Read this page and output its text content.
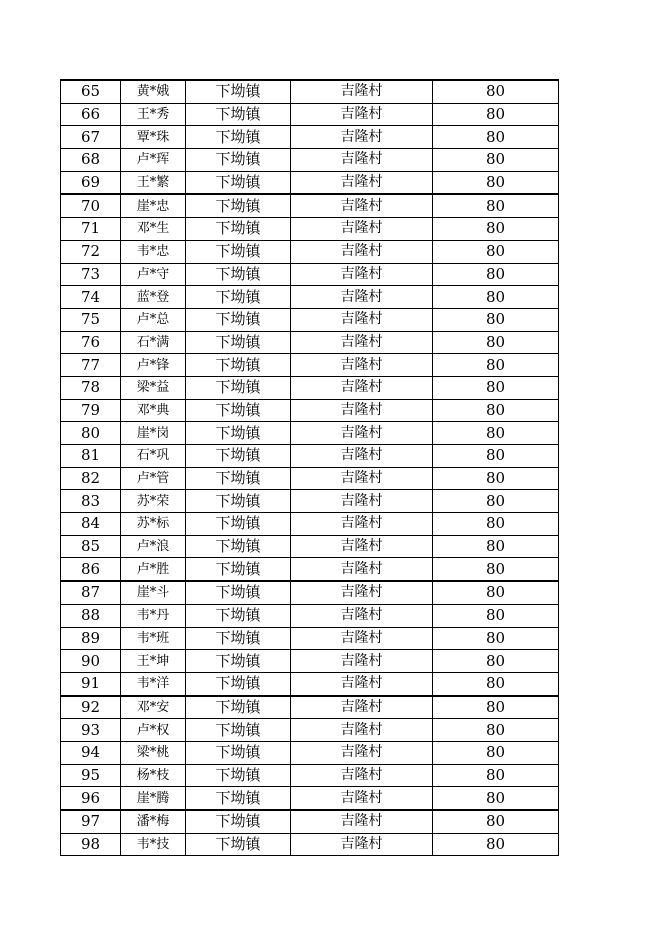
65	黄*娥	下坳镇	吉隆村	80
66	王*秀	下坳镇	吉隆村	80
67	覃*珠	下坳镇	吉隆村	80
68	卢*珲	下坳镇	吉隆村	80
69	王*繁	下坳镇	吉隆村	80
70	崖*忠	下坳镇	吉隆村	80
71	邓*生	下坳镇	吉隆村	80
72	韦*忠	下坳镇	吉隆村	80
73	卢*守	下坳镇	吉隆村	80
74	蓝*登	下坳镇	吉隆村	80
75	卢*总	下坳镇	吉隆村	80
76	石*满	下坳镇	吉隆村	80
77	卢*锋	下坳镇	吉隆村	80
78	梁*益	下坳镇	吉隆村	80
79	邓*典	下坳镇	吉隆村	80
80	崖*岗	下坳镇	吉隆村	80
81	石*巩	下坳镇	吉隆村	80
82	卢*管	下坳镇	吉隆村	80
83	苏*荣	下坳镇	吉隆村	80
84	苏*标	下坳镇	吉隆村	80
85	卢*浪	下坳镇	吉隆村	80
86	卢*胜	下坳镇	吉隆村	80
87	崖*斗	下坳镇	吉隆村	80
88	韦*丹	下坳镇	吉隆村	80
89	韦*班	下坳镇	吉隆村	80
90	王*坤	下坳镇	吉隆村	80
91	韦*洋	下坳镇	吉隆村	80
92	邓*安	下坳镇	吉隆村	80
93	卢*权	下坳镇	吉隆村	80
94	梁*桃	下坳镇	吉隆村	80
95	杨*枝	下坳镇	吉隆村	80
96	崖*腾	下坳镇	吉隆村	80
97	潘*梅	下坳镇	吉隆村	80
98	韦*技	下坳镇	吉隆村	80
